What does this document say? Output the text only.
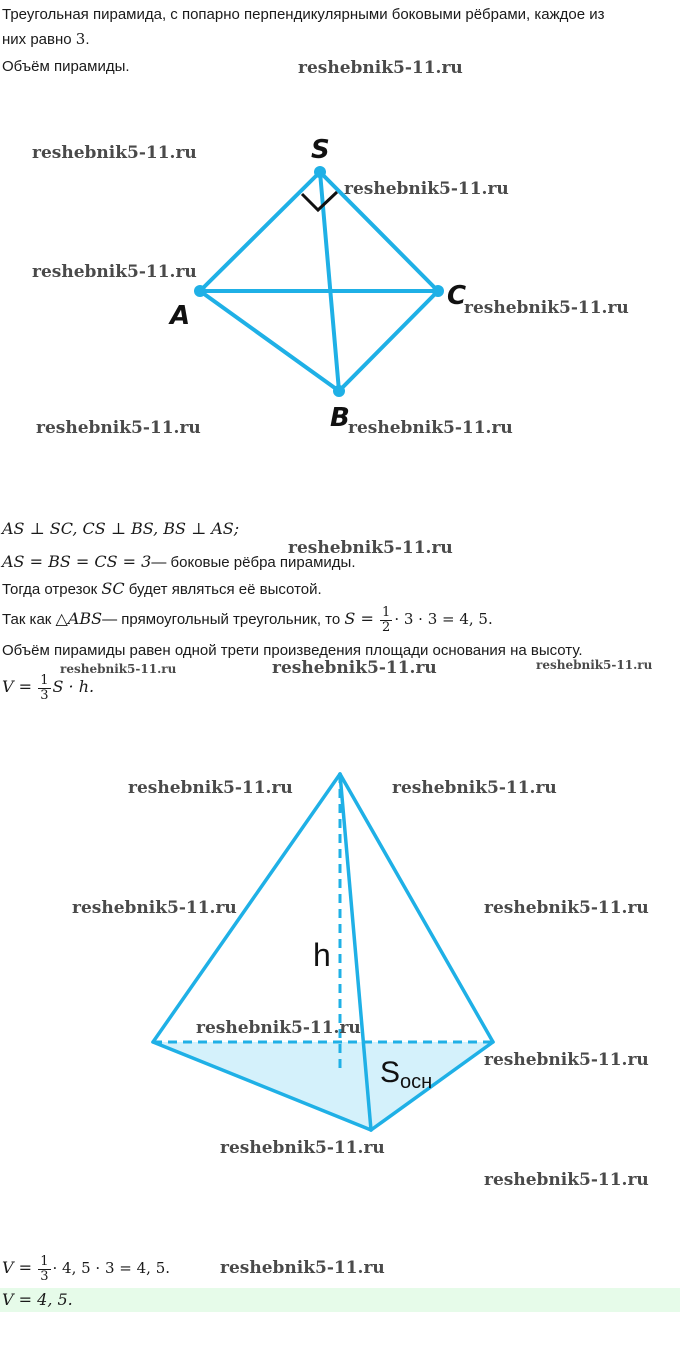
Треугольная пирамида, с попарно перпендикулярными боковыми рёбрами, каждое из
них равно 3.
Объём пирамиды.
S
A
B
C
AS ⊥ SC, CS ⊥ BS, BS ⊥ AS;
AS = BS = CS = 3— боковые рёбра пирамиды.
Тогда отрезок SC будет являться её высотой.
Так как △ABS— прямоугольный треугольник, то $S = \frac{1}{2} \cdot 3 \cdot 3 = 4$, 5.
Объём пирамиды равен одной трети произведения площади основания на высоту.
$V = \frac{1}{3}$ S · h.
h
$S_{осн}$
$V = \frac{1}{3} \cdot 4$, 5 · 3 = 4, 5.
V = 4, 5.
reshebnik5-11.ru
reshebnik5-11.ru
reshebnik5-11.ru
reshebnik5-11.ru
reshebnik5-11.ru
reshebnik5-11.ru	reshebnik5-11.ru
reshebnik5-11.ru
reshebnik5-11.ru	reshebnik5-11.ru	reshebnik5-11.ru
reshebnik5-11.ru	reshebnik5-11.ru
reshebnik5-11.ru	reshebnik5-11.ru
reshebnik5-11.ru
reshebnik5-11.ru
reshebnik5-11.ru
reshebnik5-11.ru
reshebnik5-11.ru
